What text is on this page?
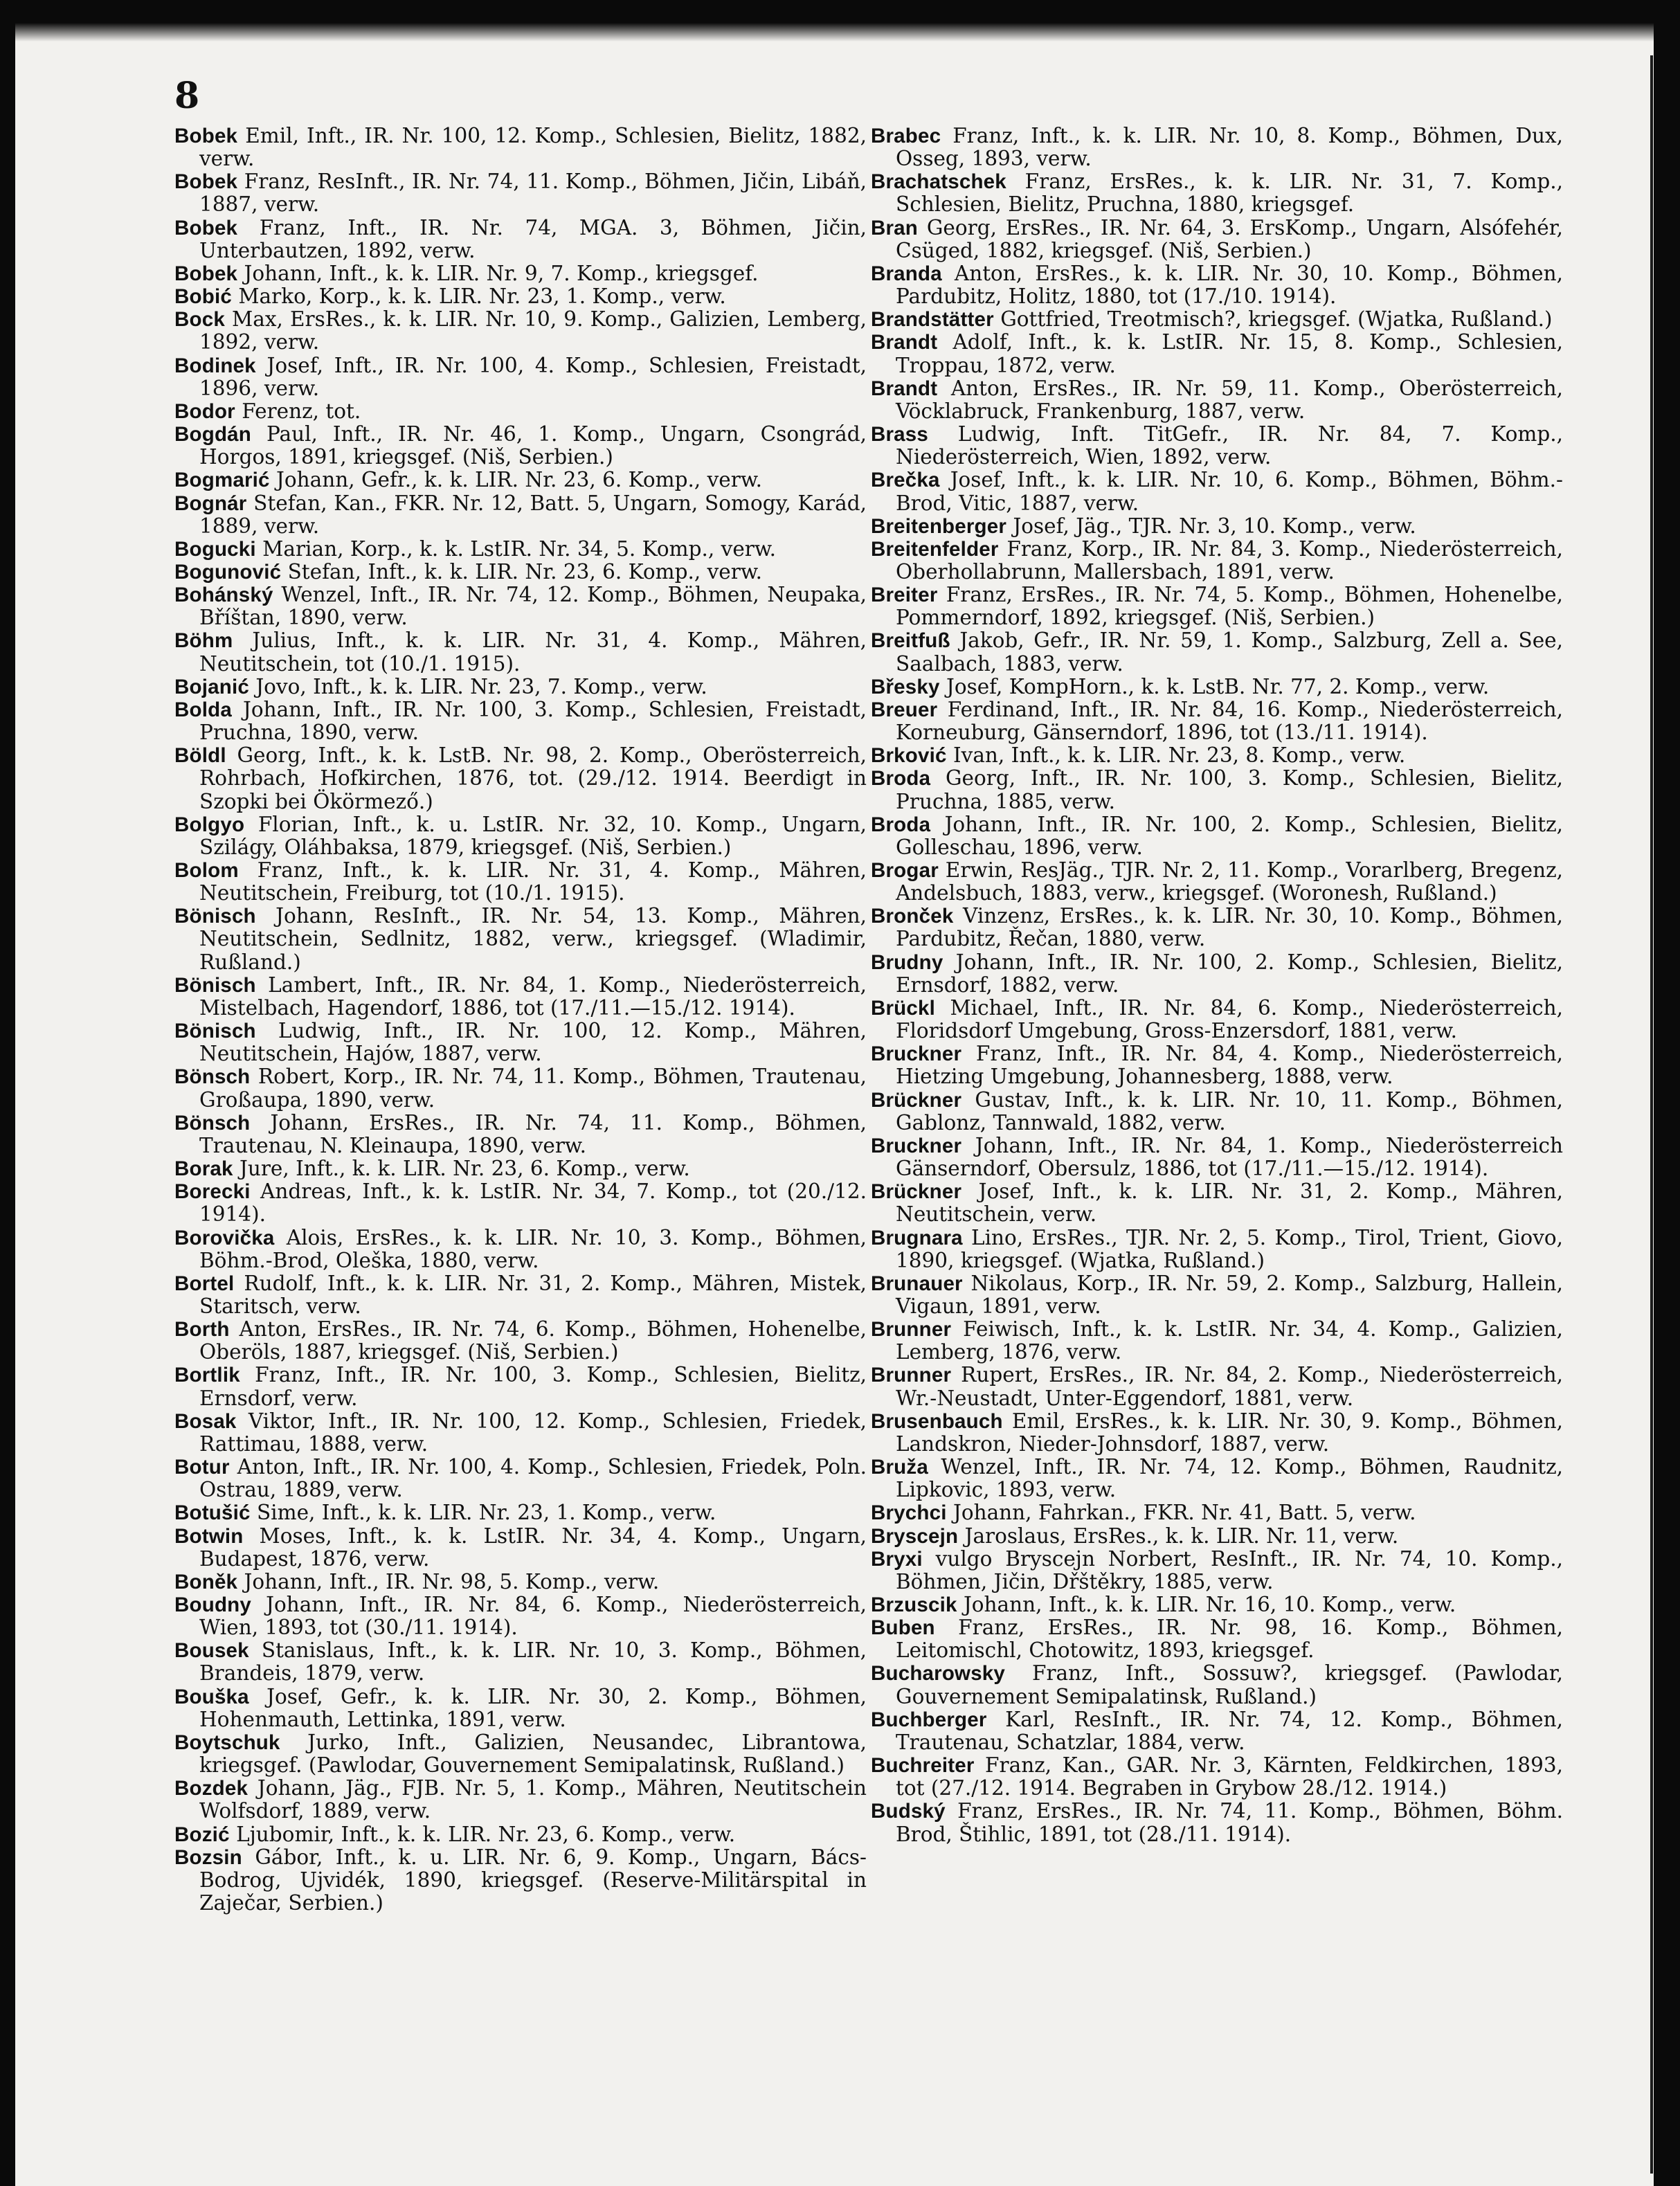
8
Bobek Emil, Inft., IR. Nr. 100, 12. Komp., Schlesien, Bielitz, 1882, verw.
Bobek Franz, ResInft., IR. Nr. 74, 11. Komp., Böhmen, Jičin, Libáň, 1887, verw.
Bobek Franz, Inft., IR. Nr. 74, MGA. 3, Böhmen, Jičin, Unterbautzen, 1892, verw.
Bobek Johann, Inft., k. k. LIR. Nr. 9, 7. Komp., kriegsgef.
Bobić Marko, Korp., k. k. LIR. Nr. 23, 1. Komp., verw.
Bock Max, ErsRes., k. k. LIR. Nr. 10, 9. Komp., Galizien, Lemberg, 1892, verw.
Bodinek Josef, Inft., IR. Nr. 100, 4. Komp., Schlesien, Freistadt, 1896, verw.
Bodor Ferenz, tot.
Bogdán Paul, Inft., IR. Nr. 46, 1. Komp., Ungarn, Csongrád, Horgos, 1891, kriegsgef. (Niš, Serbien.)
Bogmarić Johann, Gefr., k. k. LIR. Nr. 23, 6. Komp., verw.
Bognár Stefan, Kan., FKR. Nr. 12, Batt. 5, Ungarn, Somogy, Karád, 1889, verw.
Bogucki Marian, Korp., k. k. LstIR. Nr. 34, 5. Komp., verw.
Bogunović Stefan, Inft., k. k. LIR. Nr. 23, 6. Komp., verw.
Bohánský Wenzel, Inft., IR. Nr. 74, 12. Komp., Böhmen, Neupaka, Bříštan, 1890, verw.
Böhm Julius, Inft., k. k. LIR. Nr. 31, 4. Komp., Mähren, Neutitschein, tot (10./1. 1915).
Bojanić Jovo, Inft., k. k. LIR. Nr. 23, 7. Komp., verw.
Bolda Johann, Inft., IR. Nr. 100, 3. Komp., Schlesien, Freistadt, Pruchna, 1890, verw.
Böldl Georg, Inft., k. k. LstB. Nr. 98, 2. Komp., Oberösterreich, Rohrbach, Hofkirchen, 1876, tot. (29./12. 1914. Beerdigt in Szopki bei Ökörmező.)
Bolgyo Florian, Inft., k. u. LstIR. Nr. 32, 10. Komp., Ungarn, Szilágy, Oláhbaksa, 1879, kriegsgef. (Niš, Serbien.)
Bolom Franz, Inft., k. k. LIR. Nr. 31, 4. Komp., Mähren, Neutitschein, Freiburg, tot (10./1. 1915).
Bönisch Johann, ResInft., IR. Nr. 54, 13. Komp., Mähren, Neutitschein, Sedlnitz, 1882, verw., kriegsgef. (Wladimir, Rußland.)
Bönisch Lambert, Inft., IR. Nr. 84, 1. Komp., Niederösterreich, Mistelbach, Hagendorf, 1886, tot (17./11.—15./12. 1914).
Bönisch Ludwig, Inft., IR. Nr. 100, 12. Komp., Mähren, Neutitschein, Hajów, 1887, verw.
Bönsch Robert, Korp., IR. Nr. 74, 11. Komp., Böhmen, Trautenau, Großaupa, 1890, verw.
Bönsch Johann, ErsRes., IR. Nr. 74, 11. Komp., Böhmen, Trautenau, N. Kleinaupa, 1890, verw.
Borak Jure, Inft., k. k. LIR. Nr. 23, 6. Komp., verw.
Borecki Andreas, Inft., k. k. LstIR. Nr. 34, 7. Komp., tot (20./12. 1914).
Borovička Alois, ErsRes., k. k. LIR. Nr. 10, 3. Komp., Böhmen, Böhm.-Brod, Oleška, 1880, verw.
Bortel Rudolf, Inft., k. k. LIR. Nr. 31, 2. Komp., Mähren, Mistek, Staritsch, verw.
Borth Anton, ErsRes., IR. Nr. 74, 6. Komp., Böhmen, Hohenelbe, Oberöls, 1887, kriegsgef. (Niš, Serbien.)
Bortlik Franz, Inft., IR. Nr. 100, 3. Komp., Schlesien, Bielitz, Ernsdorf, verw.
Bosak Viktor, Inft., IR. Nr. 100, 12. Komp., Schlesien, Friedek, Rattimau, 1888, verw.
Botur Anton, Inft., IR. Nr. 100, 4. Komp., Schlesien, Friedek, Poln. Ostrau, 1889, verw.
Botušić Sime, Inft., k. k. LIR. Nr. 23, 1. Komp., verw.
Botwin Moses, Inft., k. k. LstIR. Nr. 34, 4. Komp., Ungarn, Budapest, 1876, verw.
Boněk Johann, Inft., IR. Nr. 98, 5. Komp., verw.
Boudny Johann, Inft., IR. Nr. 84, 6. Komp., Niederösterreich, Wien, 1893, tot (30./11. 1914).
Bousek Stanislaus, Inft., k. k. LIR. Nr. 10, 3. Komp., Böhmen, Brandeis, 1879, verw.
Bouška Josef, Gefr., k. k. LIR. Nr. 30, 2. Komp., Böhmen, Hohenmauth, Lettinka, 1891, verw.
Boytschuk Jurko, Inft., Galizien, Neusandec, Librantowa, kriegsgef. (Pawlodar, Gouvernement Semipalatinsk, Rußland.)
Bozdek Johann, Jäg., FJB. Nr. 5, 1. Komp., Mähren, Neutitschein Wolfsdorf, 1889, verw.
Bozić Ljubomir, Inft., k. k. LIR. Nr. 23, 6. Komp., verw.
Bozsin Gábor, Inft., k. u. LIR. Nr. 6, 9. Komp., Ungarn, Bács-Bodrog, Ujvidék, 1890, kriegsgef. (Reserve-Militärspital in Zaječar, Serbien.)
Brabec Franz, Inft., k. k. LIR. Nr. 10, 8. Komp., Böhmen, Dux, Osseg, 1893, verw.
Brachatschek Franz, ErsRes., k. k. LIR. Nr. 31, 7. Komp., Schlesien, Bielitz, Pruchna, 1880, kriegsgef.
Bran Georg, ErsRes., IR. Nr. 64, 3. ErsKomp., Ungarn, Alsófehér, Csüged, 1882, kriegsgef. (Niš, Serbien.)
Branda Anton, ErsRes., k. k. LIR. Nr. 30, 10. Komp., Böhmen, Pardubitz, Holitz, 1880, tot (17./10. 1914).
Brandstätter Gottfried, Treotmisch?, kriegsgef. (Wjatka, Rußland.)
Brandt Adolf, Inft., k. k. LstIR. Nr. 15, 8. Komp., Schlesien, Troppau, 1872, verw.
Brandt Anton, ErsRes., IR. Nr. 59, 11. Komp., Oberösterreich, Vöcklabruck, Frankenburg, 1887, verw.
Brass Ludwig, Inft. TitGefr., IR. Nr. 84, 7. Komp., Niederösterreich, Wien, 1892, verw.
Brečka Josef, Inft., k. k. LIR. Nr. 10, 6. Komp., Böhmen, Böhm.-Brod, Vitic, 1887, verw.
Breitenberger Josef, Jäg., TJR. Nr. 3, 10. Komp., verw.
Breitenfelder Franz, Korp., IR. Nr. 84, 3. Komp., Niederösterreich, Oberhollabrunn, Mallersbach, 1891, verw.
Breiter Franz, ErsRes., IR. Nr. 74, 5. Komp., Böhmen, Hohenelbe, Pommerndorf, 1892, kriegsgef. (Niš, Serbien.)
Breitfuß Jakob, Gefr., IR. Nr. 59, 1. Komp., Salzburg, Zell a. See, Saalbach, 1883, verw.
Břesky Josef, KompHorn., k. k. LstB. Nr. 77, 2. Komp., verw.
Breuer Ferdinand, Inft., IR. Nr. 84, 16. Komp., Niederösterreich, Korneuburg, Gänserndorf, 1896, tot (13./11. 1914).
Brković Ivan, Inft., k. k. LIR. Nr. 23, 8. Komp., verw.
Broda Georg, Inft., IR. Nr. 100, 3. Komp., Schlesien, Bielitz, Pruchna, 1885, verw.
Broda Johann, Inft., IR. Nr. 100, 2. Komp., Schlesien, Bielitz, Golleschau, 1896, verw.
Brogar Erwin, ResJäg., TJR. Nr. 2, 11. Komp., Vorarlberg, Bregenz, Andelsbuch, 1883, verw., kriegsgef. (Woronesh, Rußland.)
Bronček Vinzenz, ErsRes., k. k. LIR. Nr. 30, 10. Komp., Böhmen, Pardubitz, Řečan, 1880, verw.
Brudny Johann, Inft., IR. Nr. 100, 2. Komp., Schlesien, Bielitz, Ernsdorf, 1882, verw.
Brückl Michael, Inft., IR. Nr. 84, 6. Komp., Niederösterreich, Floridsdorf Umgebung, Gross-Enzersdorf, 1881, verw.
Bruckner Franz, Inft., IR. Nr. 84, 4. Komp., Niederösterreich, Hietzing Umgebung, Johannesberg, 1888, verw.
Brückner Gustav, Inft., k. k. LIR. Nr. 10, 11. Komp., Böhmen, Gablonz, Tannwald, 1882, verw.
Bruckner Johann, Inft., IR. Nr. 84, 1. Komp., Niederösterreich Gänserndorf, Obersulz, 1886, tot (17./11.—15./12. 1914).
Brückner Josef, Inft., k. k. LIR. Nr. 31, 2. Komp., Mähren, Neutitschein, verw.
Brugnara Lino, ErsRes., TJR. Nr. 2, 5. Komp., Tirol, Trient, Giovo, 1890, kriegsgef. (Wjatka, Rußland.)
Brunauer Nikolaus, Korp., IR. Nr. 59, 2. Komp., Salzburg, Hallein, Vigaun, 1891, verw.
Brunner Feiwisch, Inft., k. k. LstIR. Nr. 34, 4. Komp., Galizien, Lemberg, 1876, verw.
Brunner Rupert, ErsRes., IR. Nr. 84, 2. Komp., Niederösterreich, Wr.-Neustadt, Unter-Eggendorf, 1881, verw.
Brusenbauch Emil, ErsRes., k. k. LIR. Nr. 30, 9. Komp., Böhmen, Landskron, Nieder-Johnsdorf, 1887, verw.
Bruža Wenzel, Inft., IR. Nr. 74, 12. Komp., Böhmen, Raudnitz, Lipkovic, 1893, verw.
Brychci Johann, Fahrkan., FKR. Nr. 41, Batt. 5, verw.
Bryscejn Jaroslaus, ErsRes., k. k. LIR. Nr. 11, verw.
Bryxi vulgo Bryscejn Norbert, ResInft., IR. Nr. 74, 10. Komp., Böhmen, Jičin, Dřštěkry, 1885, verw.
Brzuscik Johann, Inft., k. k. LIR. Nr. 16, 10. Komp., verw.
Buben Franz, ErsRes., IR. Nr. 98, 16. Komp., Böhmen, Leitomischl, Chotowitz, 1893, kriegsgef.
Bucharowsky Franz, Inft., Sossuw?, kriegsgef. (Pawlodar, Gouvernement Semipalatinsk, Rußland.)
Buchberger Karl, ResInft., IR. Nr. 74, 12. Komp., Böhmen, Trautenau, Schatzlar, 1884, verw.
Buchreiter Franz, Kan., GAR. Nr. 3, Kärnten, Feldkirchen, 1893, tot (27./12. 1914. Begraben in Grybow 28./12. 1914.)
Budský Franz, ErsRes., IR. Nr. 74, 11. Komp., Böhmen, Böhm. Brod, Štihlic, 1891, tot (28./11. 1914).
